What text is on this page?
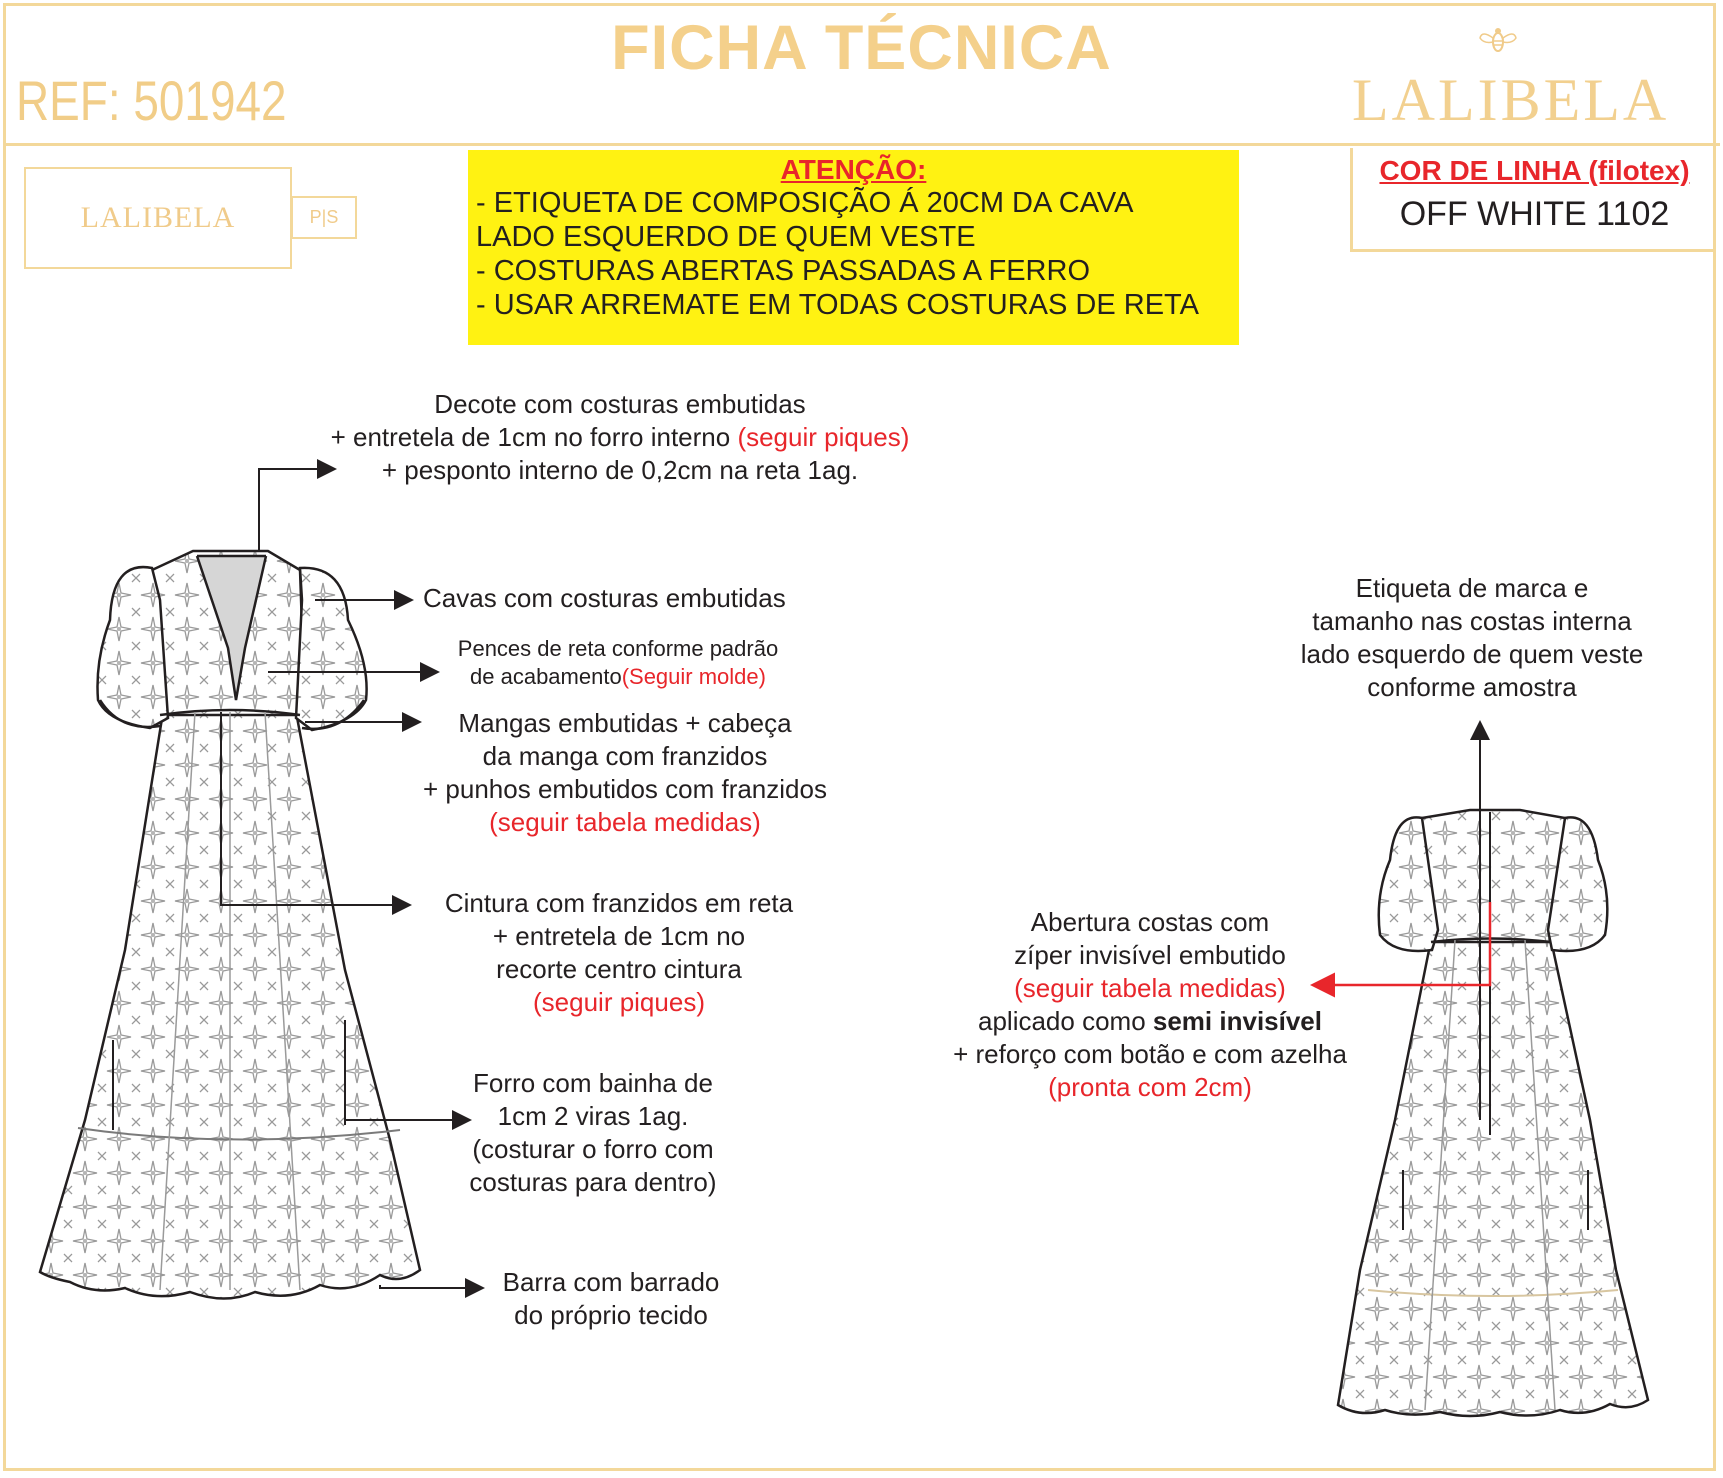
FICHA TÉCNICA
REF: 501942	LALIBELA
LALIBELA	P|S
ATENÇÃO:
- ETIQUETA DE COMPOSIÇÃO Á 20CM DA CAVA
LADO ESQUERDO DE QUEM VESTE
- COSTURAS ABERTAS PASSADAS A FERRO
- USAR ARREMATE EM TODAS COSTURAS DE RETA
COR DE LINHA (filotex)
OFF WHITE 1102
Decote com costuras embutidas
+ entretela de 1cm no forro interno (seguir piques)
+ pesponto interno de 0,2cm na reta 1ag.
Cavas com costuras embutidas
Pences de reta conforme padrão
de acabamento(Seguir molde)
Mangas embutidas + cabeça
da manga com franzidos
+ punhos embutidos com franzidos
(seguir tabela medidas)
Cintura com franzidos em reta
+ entretela de 1cm no
recorte centro cintura
(seguir piques)
Forro com bainha de
1cm 2 viras 1ag.
(costurar o forro com
costuras para dentro)
Barra com barrado
do próprio tecido
Etiqueta de marca e
tamanho nas costas interna
lado esquerdo de quem veste
conforme amostra
Abertura costas com
zíper invisível embutido
(seguir tabela medidas)
aplicado como semi invisível
+ reforço com botão e com azelha
(pronta com 2cm)
